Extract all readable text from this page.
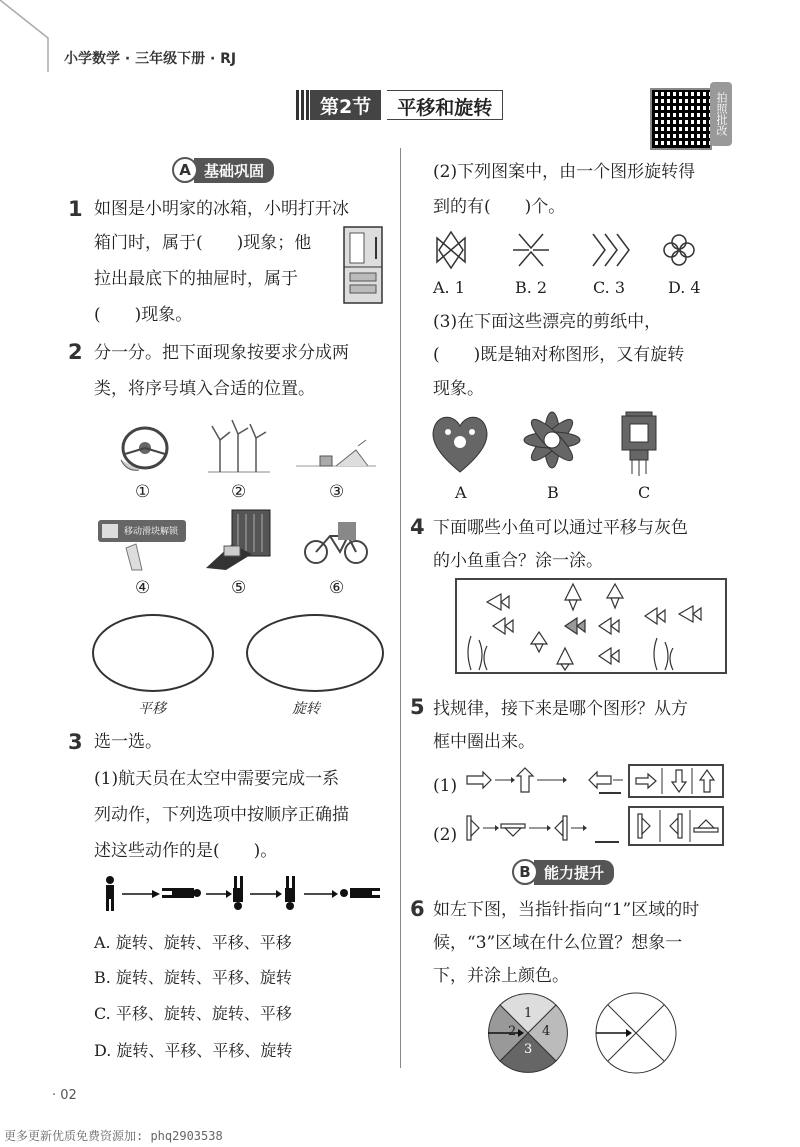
小学数学 · 三年级下册 · RJ
第2节	平移和旋转	拍照批改
A 基础巩固
1 如图是小明家的冰箱，小明打开冰
箱门时，属于(　　)现象；他
拉出最底下的抽屉时，属于
(　　)现象。
2 分一分。把下面现象按要求分成两
类，将序号填入合适的位置。
①	②	③
移动滑块解锁
④	⑤	⑥
平移	旋转
3 选一选。
(1)航天员在太空中需要完成一系
列动作，下列选项中按顺序正确描
述这些动作的是(　　)。
A. 旋转、旋转、平移、平移
B. 旋转、旋转、平移、旋转
C. 平移、旋转、旋转、平移
D. 旋转、平移、平移、旋转
(2)下列图案中，由一个图形旋转得
到的有(　　)个。
A. 1	B. 2	C. 3	D. 4
(3)在下面这些漂亮的剪纸中，
(　　)既是轴对称图形，又有旋转
现象。
A	B	C
4 下面哪些小鱼可以通过平移与灰色
的小鱼重合？涂一涂。
5 找规律，接下来是哪个图形？从方
框中圈出来。
(1)
(2)
B 能力提升
6 如左下图，当指针指向“1”区域的时
候，“3”区域在什么位置？想象一
下，并涂上颜色。
1
2
3
4
· 02
更多更新优质免费资源加: phq2903538
